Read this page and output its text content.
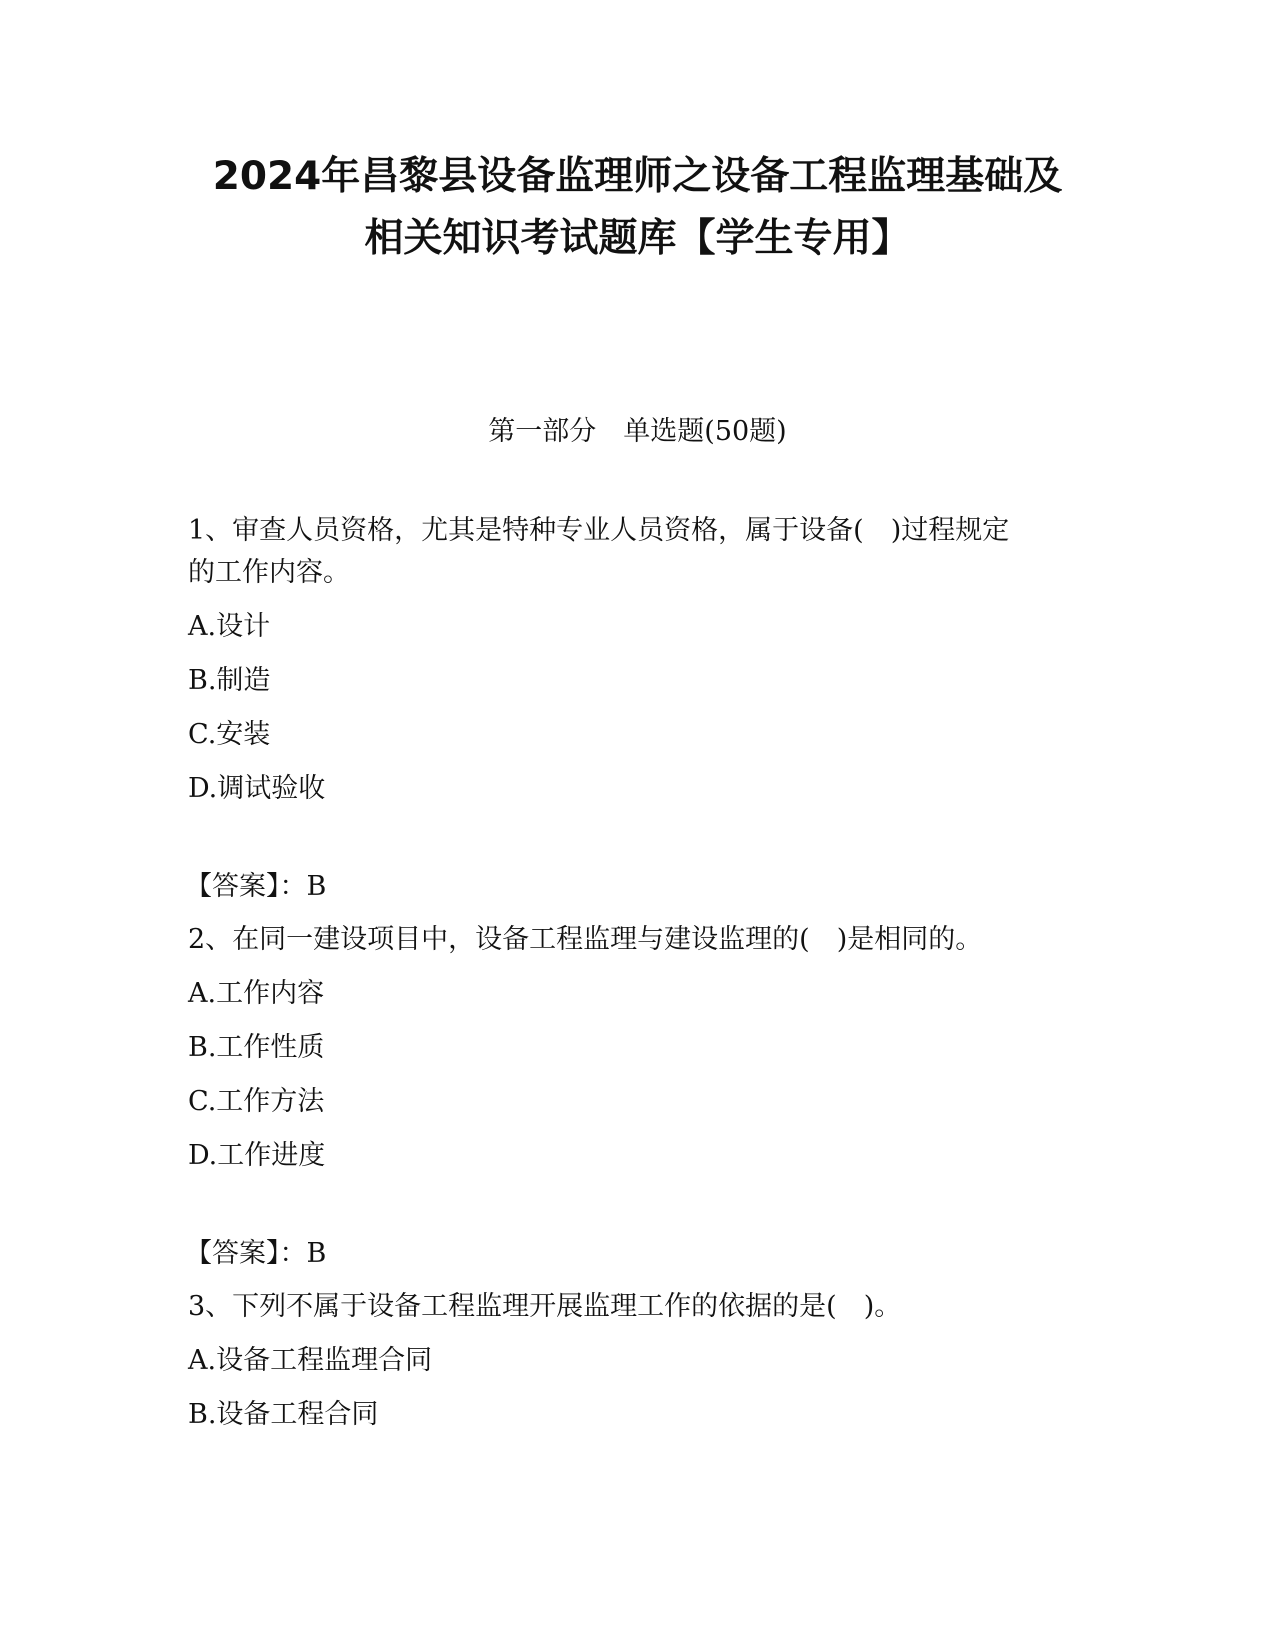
2024年昌黎县设备监理师之设备工程监理基础及
相关知识考试题库【学生专用】
第一部分　单选题(50题)
1、审查人员资格，尤其是特种专业人员资格，属于设备(　)过程规定
的工作内容。
A.设计
B.制造
C.安装
D.调试验收
【答案】：B
2、在同一建设项目中，设备工程监理与建设监理的(　)是相同的。
A.工作内容
B.工作性质
C.工作方法
D.工作进度
【答案】：B
3、下列不属于设备工程监理开展监理工作的依据的是(　)。
A.设备工程监理合同
B.设备工程合同
